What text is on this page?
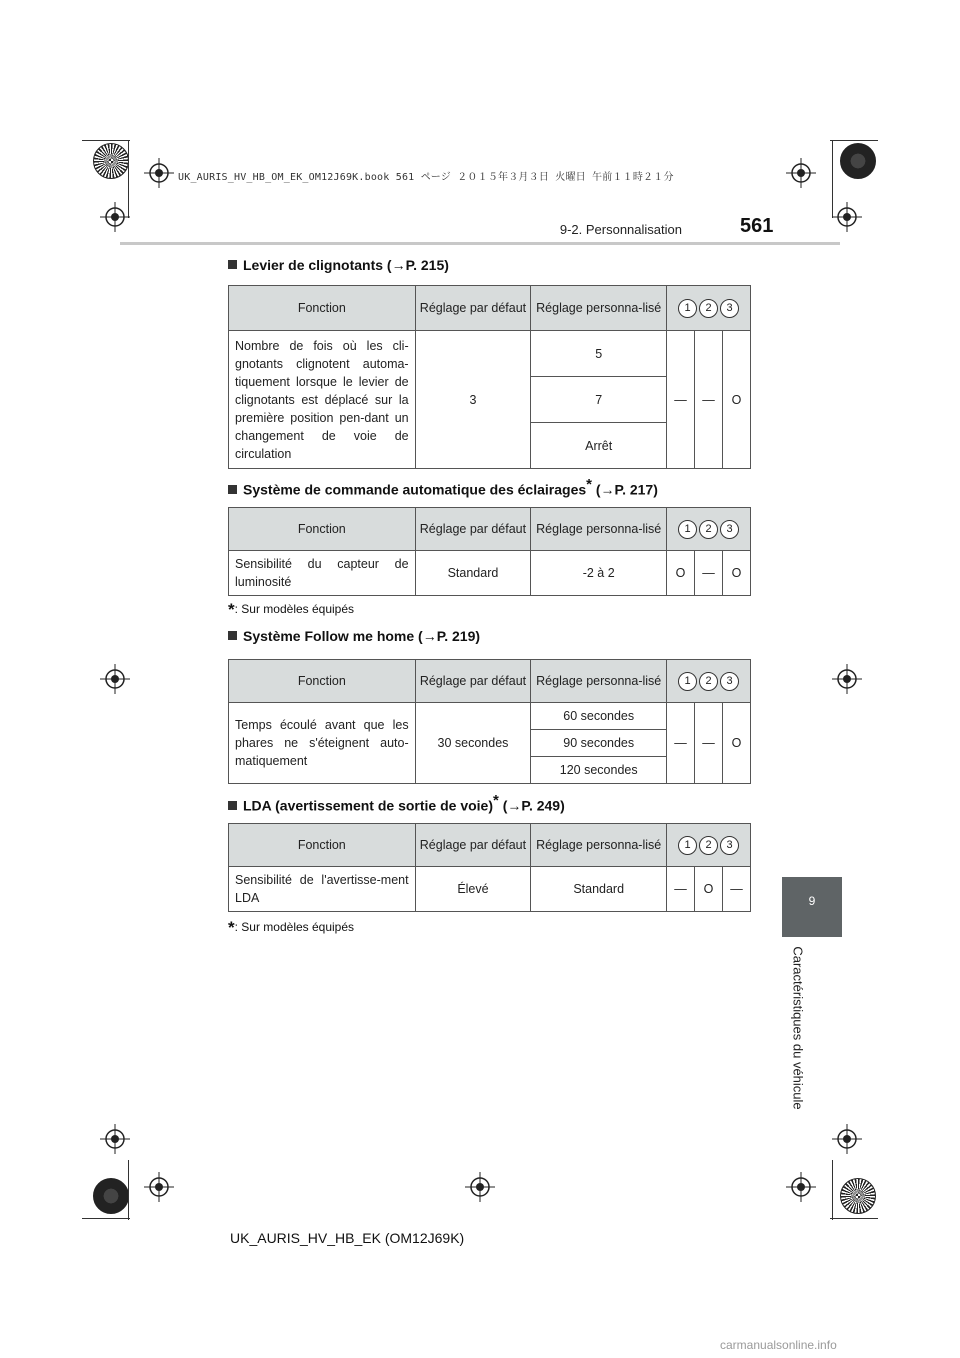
UK_AURIS_HV_HB_OM_EK_OM12J69K.book 561 ページ ２０１５年３月３日 火曜日 午前１１時２１分
9-2. Personnalisation	561
9
Caractéristiques du véhicule
Levier de clignotants (→P. 215)
Fonction	Réglage par défaut	Réglage personna-lisé	1 2 3		
Nombre de fois où les cli-gnotants clignotent automa-tiquement lorsque le levier de clignotants est déplacé sur la première position pen-dant un changement de voie de circulation	3	5	—	—	O
		7			
		Arrêt			
Système de commande automatique des éclairages* (→P. 217)
Fonction	Réglage par défaut	Réglage personna-lisé	1 2 3		
Sensibilité du capteur de luminosité	Standard	-2 à 2	O	—	O
*: Sur modèles équipés
Système Follow me home (→P. 219)
Fonction	Réglage par défaut	Réglage personna-lisé	1 2 3		
Temps écoulé avant que les phares ne s'éteignent auto-matiquement	30 secondes	60 secondes	—	—	O
		90 secondes			
		120 secondes			
LDA (avertissement de sortie de voie)* (→P. 249)
Fonction	Réglage par défaut	Réglage personna-lisé	1 2 3		
Sensibilité de l'avertisse-ment LDA	Élevé	Standard	—	O	—
*: Sur modèles équipés
UK_AURIS_HV_HB_EK (OM12J69K)
carmanualsonline.info
